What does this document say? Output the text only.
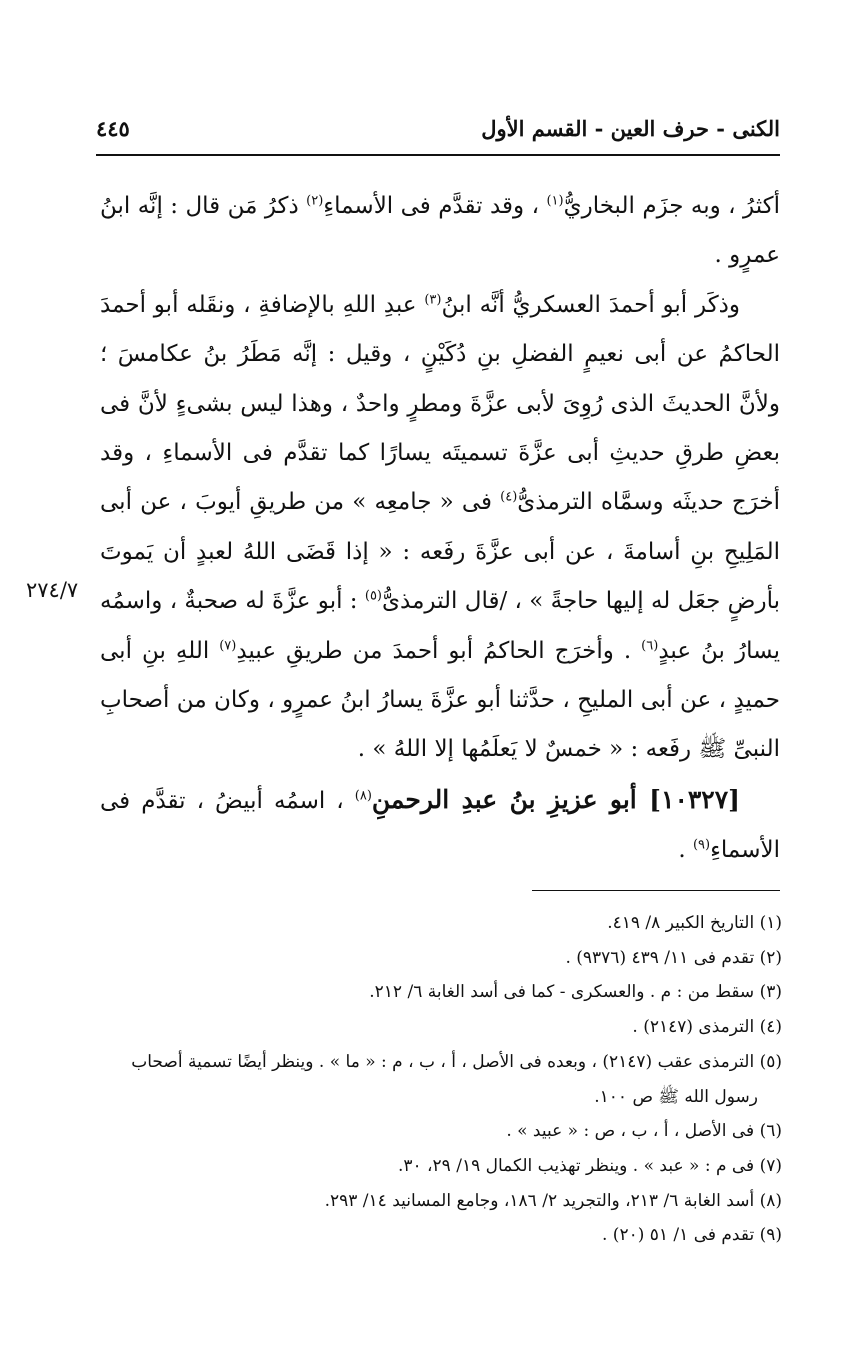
الكنى - حرف العين - القسم الأول
٤٤٥

أكثرُ ، وبه جزَم البخاريُّ$^{(١)}$ ، وقد تقدَّم فى الأسماءِ$^{(٢)}$ ذكرُ مَن قال : إنَّه ابنُ عمرٍو .

وذكَر أبو أحمدَ العسكريُّ أنَّه ابنُ$^{(٣)}$ عبدِ اللهِ بالإضافةِ ، ونقَله أبو أحمدَ الحاكمُ عن أبى نعيمٍ الفضلِ بنِ دُكَيْنٍ ، وقيل : إنَّه مَطَرُ بنُ عكامسَ ؛ ولأنَّ الحديثَ الذى رُوِىَ لأبى عزَّةَ ومطرٍ واحدٌ ، وهذا ليس بشىءٍ لأنَّ فى بعضِ طرقِ حديثِ أبى عزَّةَ تسميتَه يسارًا كما تقدَّم فى الأسماءِ ، وقد أخرَج حديثَه وسمَّاه الترمذىُّ$^{(٤)}$ فى « جامعِه » من طريقِ أيوبَ ، عن أبى المَلِيحِ بنِ أسامةَ ، عن أبى عزَّةَ رفَعه : « إذا قَضَى اللهُ لعبدٍ أن يَموتَ بأرضٍ جعَل له إليها حاجةً » ، /قال الترمذىُّ$^{(٥)}$ : أبو عزَّةَ له صحبةٌ ، واسمُه يسارُ بنُ عبدٍ$^{(٦)}$ . وأخرَج الحاكمُ أبو أحمدَ من طريقِ عبيدِ$^{(٧)}$ اللهِ بنِ أبى حميدٍ ، عن أبى المليحِ ، حدَّثنا أبو عزَّةَ يسارُ ابنُ عمرٍو ، وكان من أصحابِ النبىِّ ﷺ رفَعه : « خمسٌ لا يَعلَمُها إلا اللهُ » .

[١٠٣٢٧] أبو عزيزِ بنُ عبدِ الرحمنِ$^{(٨)}$ ، اسمُه أبيضُ ، تقدَّم فى الأسماءِ$^{(٩)}$ .

٢٧٤/٧

(١) التاريخ الكبير ٨/ ٤١٩.

(٢) تقدم فى ١١/ ٤٣٩ (٩٣٧٦) .

(٣) سقط من : م . والعسكرى - كما فى أسد الغابة ٦/ ٢١٢.

(٤) الترمذى (٢١٤٧) .

(٥) الترمذى عقب (٢١٤٧) ، وبعده فى الأصل ، أ ، ب ، م : « ما » . وينظر أيضًا تسمية أصحاب

رسول الله ﷺ ص ١٠٠.

(٦) فى الأصل ، أ ، ب ، ص : « عبيد » .

(٧) فى م : « عبد » . وينظر تهذيب الكمال ١٩/ ٢٩، ٣٠.

(٨) أسد الغابة ٦/ ٢١٣، والتجريد ٢/ ١٨٦، وجامع المسانيد ١٤/ ٢٩٣.

(٩) تقدم فى ١/ ٥١ (٢٠) .
